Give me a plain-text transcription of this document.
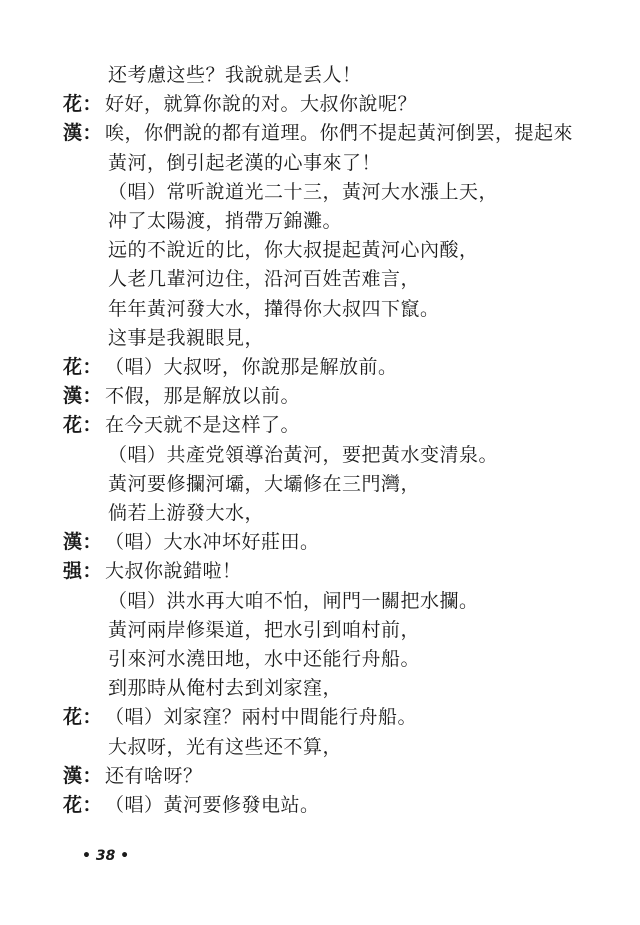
还考慮这些？我說就是丢人！
花： 好好，就算你說的对。大叔你說呢？
漢： 唉，你們說的都有道理。你們不提起黃河倒罢，提起來
黃河，倒引起老漢的心事來了！
（唱）常听說道光二十三，黃河大水漲上天，
冲了太陽渡，捎帶万錦灘。
远的不說近的比，你大叔提起黃河心內酸，
人老几輩河边住，沿河百姓苦难言，
年年黃河發大水，攆得你大叔四下竄。
这事是我親眼見，
花： （唱）大叔呀，你說那是解放前。
漢： 不假，那是解放以前。
花： 在今天就不是这样了。
（唱）共產党領導治黃河，要把黃水变清泉。
黃河要修攔河壩，大壩修在三門灣，
倘若上游發大水，
漢： （唱）大水冲坏好莊田。
强： 大叔你說錯啦！
（唱）洪水再大咱不怕，闸門一關把水攔。
黃河兩岸修渠道，把水引到咱村前，
引來河水澆田地，水中还能行舟船。
到那時从俺村去到刘家窪，
花： （唱）刘家窪？兩村中間能行舟船。
大叔呀，光有这些还不算，
漢： 还有啥呀？
花： （唱）黃河要修發电站。
• 38 •
